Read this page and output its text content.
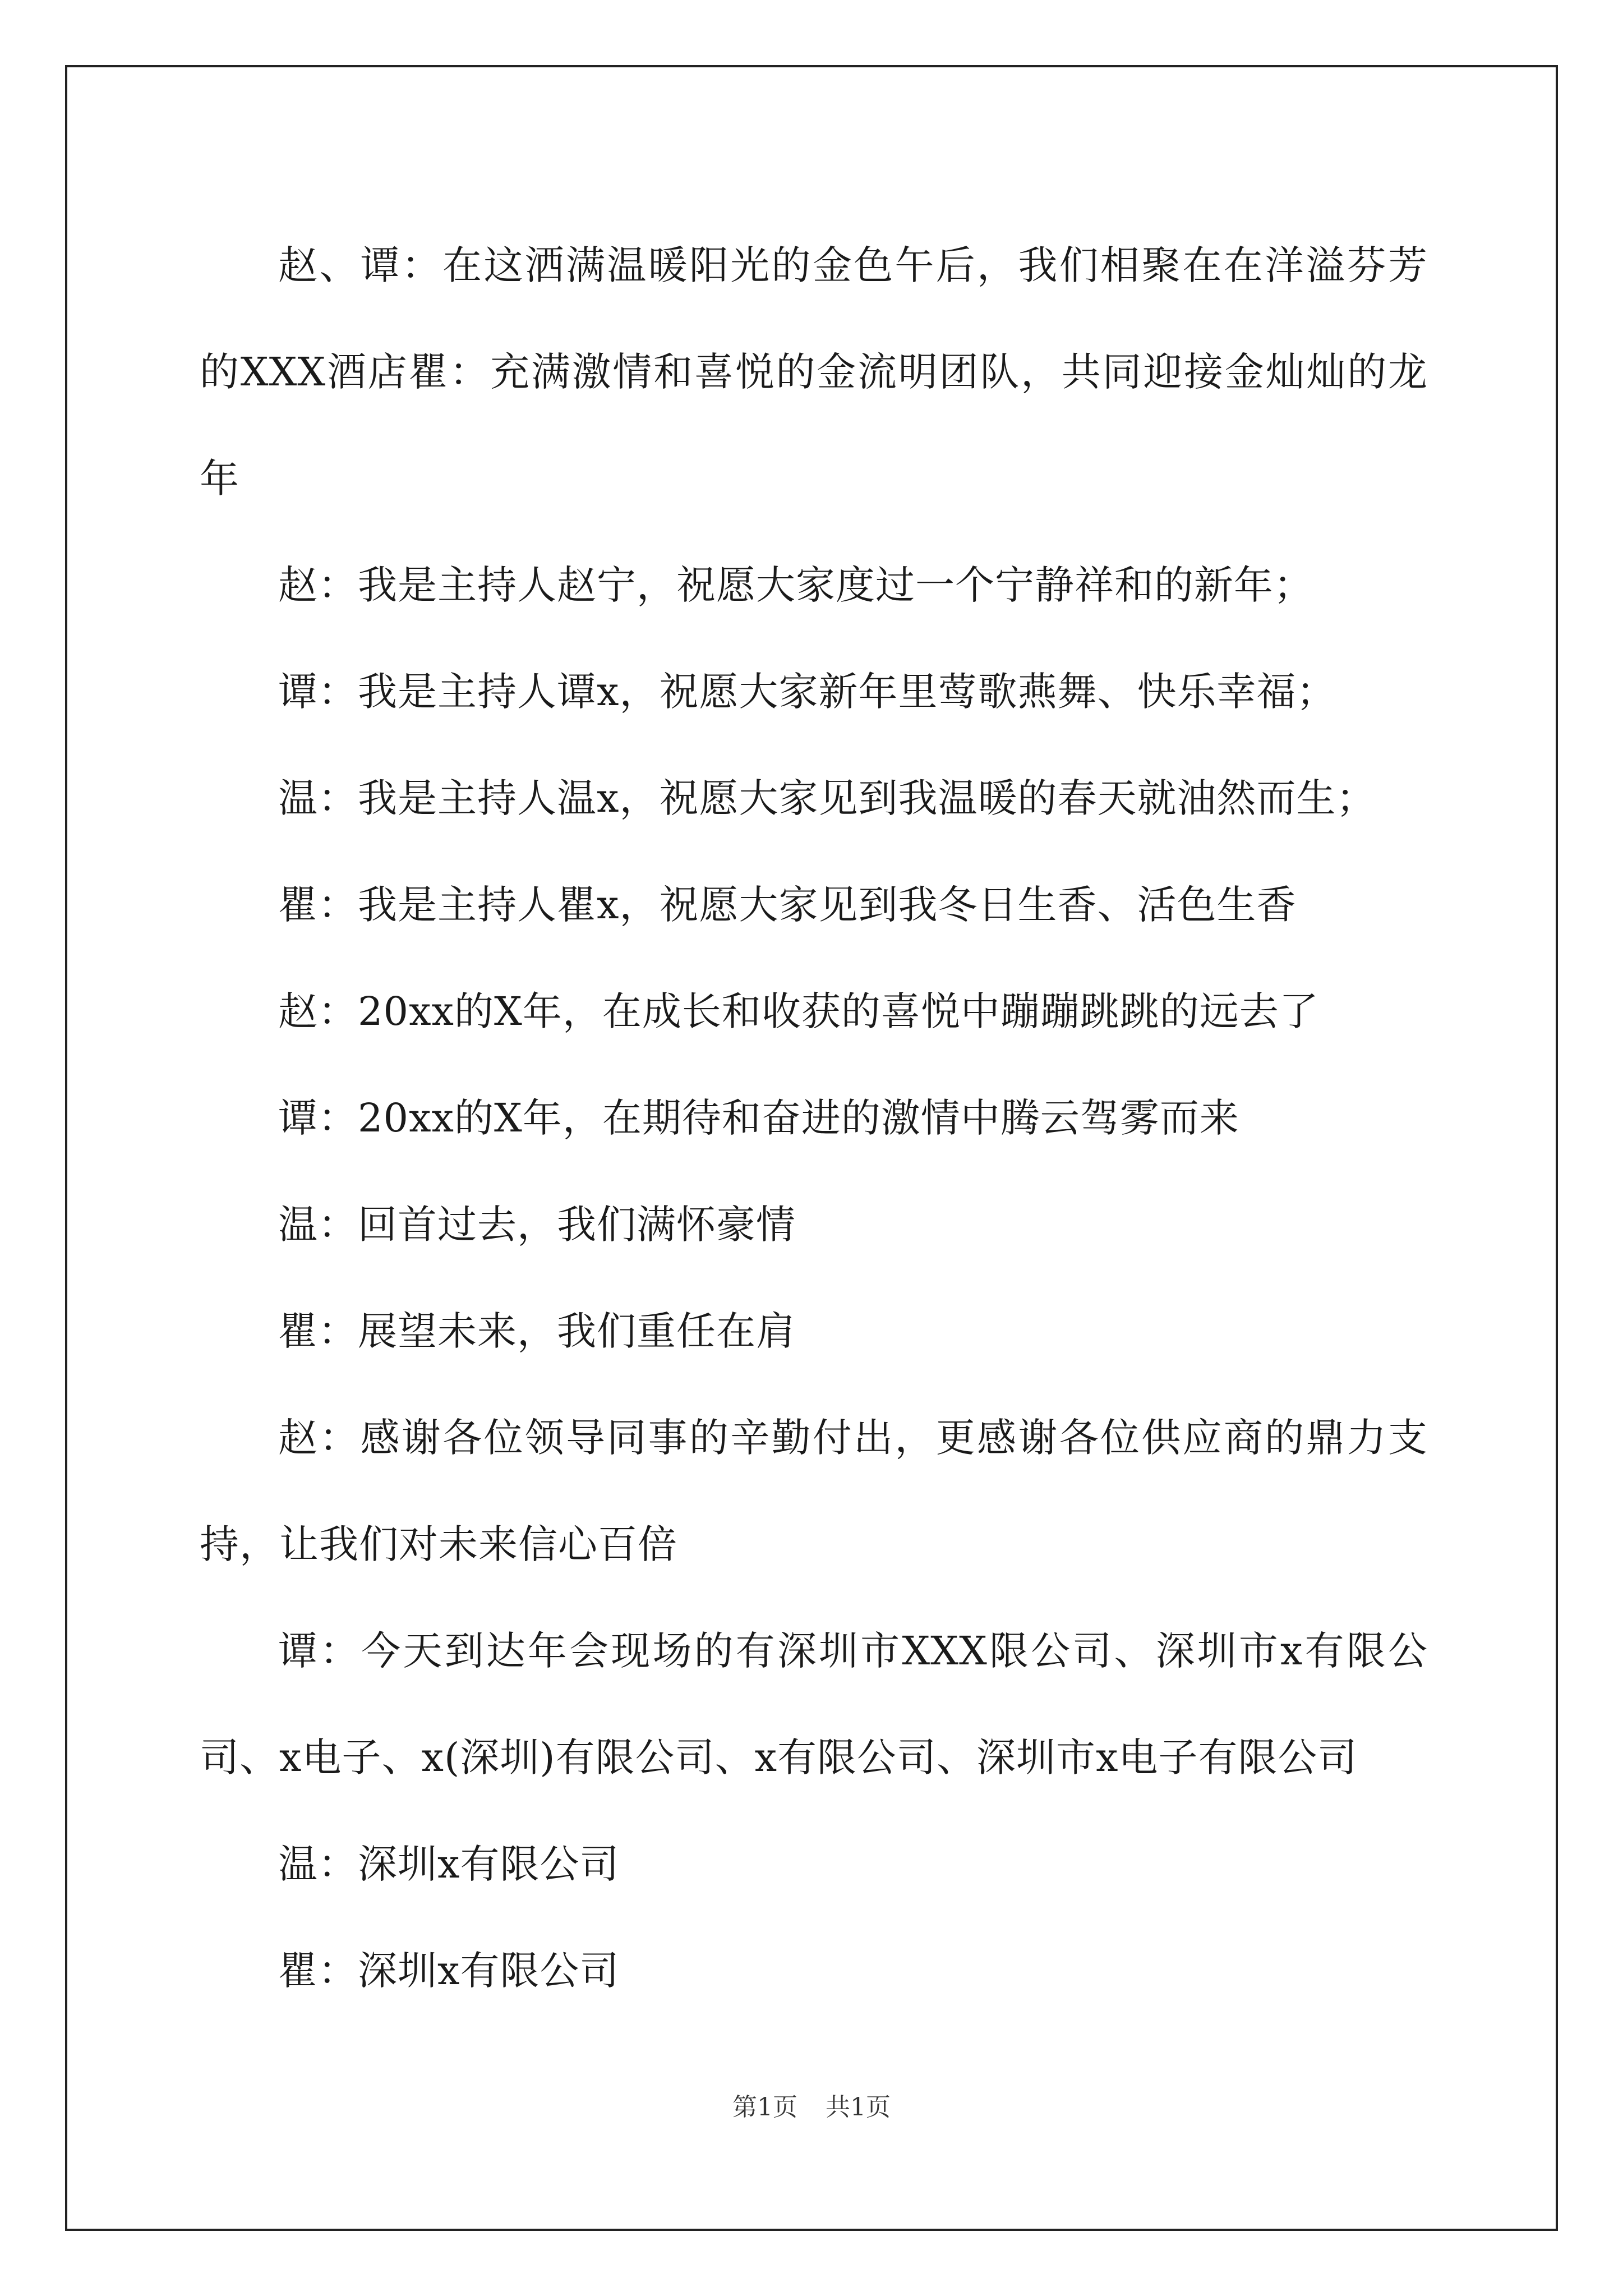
赵、谭：在这洒满温暖阳光的金色午后，我们相聚在在洋溢芬芳的XXX酒店瞿：充满激情和喜悦的金流明团队，共同迎接金灿灿的龙年

赵：我是主持人赵宁，祝愿大家度过一个宁静祥和的新年；

谭：我是主持人谭x，祝愿大家新年里莺歌燕舞、快乐幸福；

温：我是主持人温x，祝愿大家见到我温暖的春天就油然而生；

瞿：我是主持人瞿x，祝愿大家见到我冬日生香、活色生香

赵：20xx的X年，在成长和收获的喜悦中蹦蹦跳跳的远去了

谭：20xx的X年，在期待和奋进的激情中腾云驾雾而来

温：回首过去，我们满怀豪情

瞿：展望未来，我们重任在肩

赵：感谢各位领导同事的辛勤付出，更感谢各位供应商的鼎力支持，让我们对未来信心百倍

谭：今天到达年会现场的有深圳市XXX限公司、深圳市x有限公司、x电子、x(深圳)有限公司、x有限公司、深圳市x电子有限公司

温：深圳x有限公司

瞿：深圳x有限公司

第1页 共1页
